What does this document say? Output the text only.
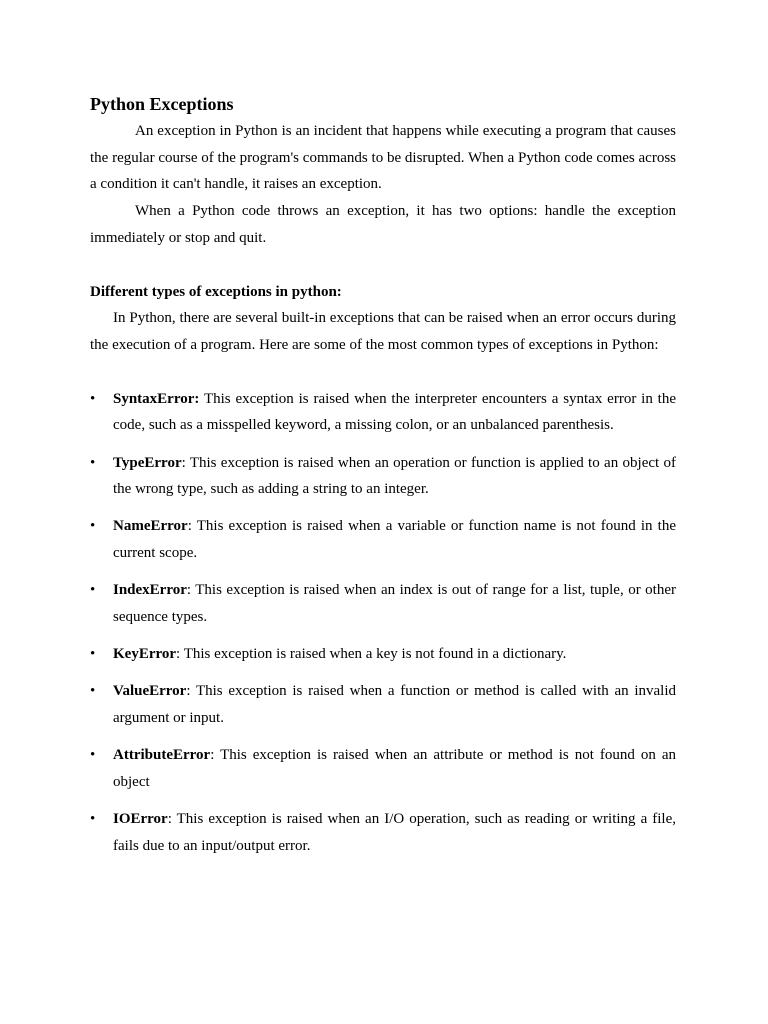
Python Exceptions

An exception in Python is an incident that happens while executing a program that causes the regular course of the program's commands to be disrupted. When a Python code comes across a condition it can't handle, it raises an exception.

When a Python code throws an exception, it has two options: handle the exception immediately or stop and quit.

Different types of exceptions in python:

In Python, there are several built-in exceptions that can be raised when an error occurs during the execution of a program. Here are some of the most common types of exceptions in Python:

• SyntaxError: This exception is raised when the interpreter encounters a syntax error in the code, such as a misspelled keyword, a missing colon, or an unbalanced parenthesis.
• TypeError: This exception is raised when an operation or function is applied to an object of the wrong type, such as adding a string to an integer.
• NameError: This exception is raised when a variable or function name is not found in the current scope.
• IndexError: This exception is raised when an index is out of range for a list, tuple, or other sequence types.
• KeyError: This exception is raised when a key is not found in a dictionary.
• ValueError: This exception is raised when a function or method is called with an invalid argument or input.
• AttributeError: This exception is raised when an attribute or method is not found on an object
• IOError: This exception is raised when an I/O operation, such as reading or writing a file, fails due to an input/output error.
